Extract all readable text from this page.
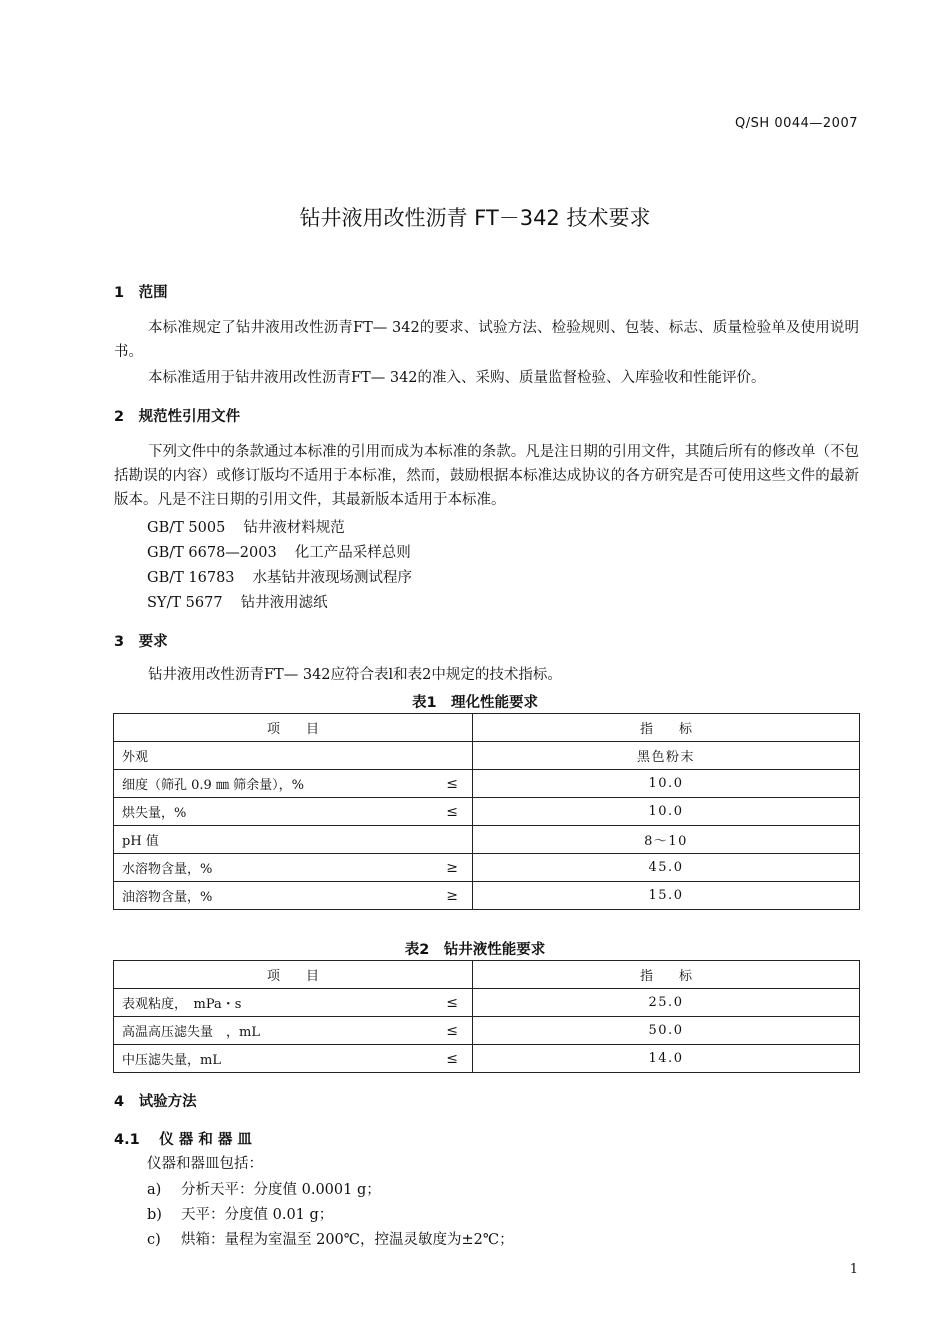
Q/SH 0044—2007
钻井液用改性沥青 FT－342 技术要求
1　范围
本标准规定了钻井液用改性沥青FT— 342的要求、试验方法、检验规则、包装、标志、质量检验单及使用说明书。
本标准适用于钻井液用改性沥青FT— 342的准入、采购、质量监督检验、入库验收和性能评价。
2　规范性引用文件
下列文件中的条款通过本标准的引用而成为本标准的条款。凡是注日期的引用文件，其随后所有的修改单（不包括勘误的内容）或修订版均不适用于本标准，然而，鼓励根据本标准达成协议的各方研究是否可使用这些文件的最新版本。凡是不注日期的引用文件，其最新版本适用于本标准。
GB/T 5005 钻井液材料规范
GB/T 6678—2003 化工产品采样总则
GB/T 16783 水基钻井液现场测试程序
SY/T 5677 钻井液用滤纸
3　要求
钻井液用改性沥青FT— 342应符合表l和表2中规定的技术指标。
表1　理化性能要求
项　　目	指　　标
外观	黑色粉末
细度（筛孔 0.9 ㎜ 筛余量），% ≤	10.0
烘失量，% ≤	10.0
pH 值	8～10
水溶物含量，% ≥	45.0
油溶物含量，% ≥	15.0
表2　钻井液性能要求
项　　目	指　　标
表观粘度，　mPa・s ≤	25.0
高温高压滤失量　，mL ≤	50.0
中压滤失量，mL ≤	14.0
4　试验方法
4.1　 仪 器 和 器 皿
仪器和器皿包括：
a) 分析天平：分度值 0.0001 g；
b) 天平：分度值 0.01 g；
c) 烘箱：量程为室温至 200℃，控温灵敏度为±2℃；
1
